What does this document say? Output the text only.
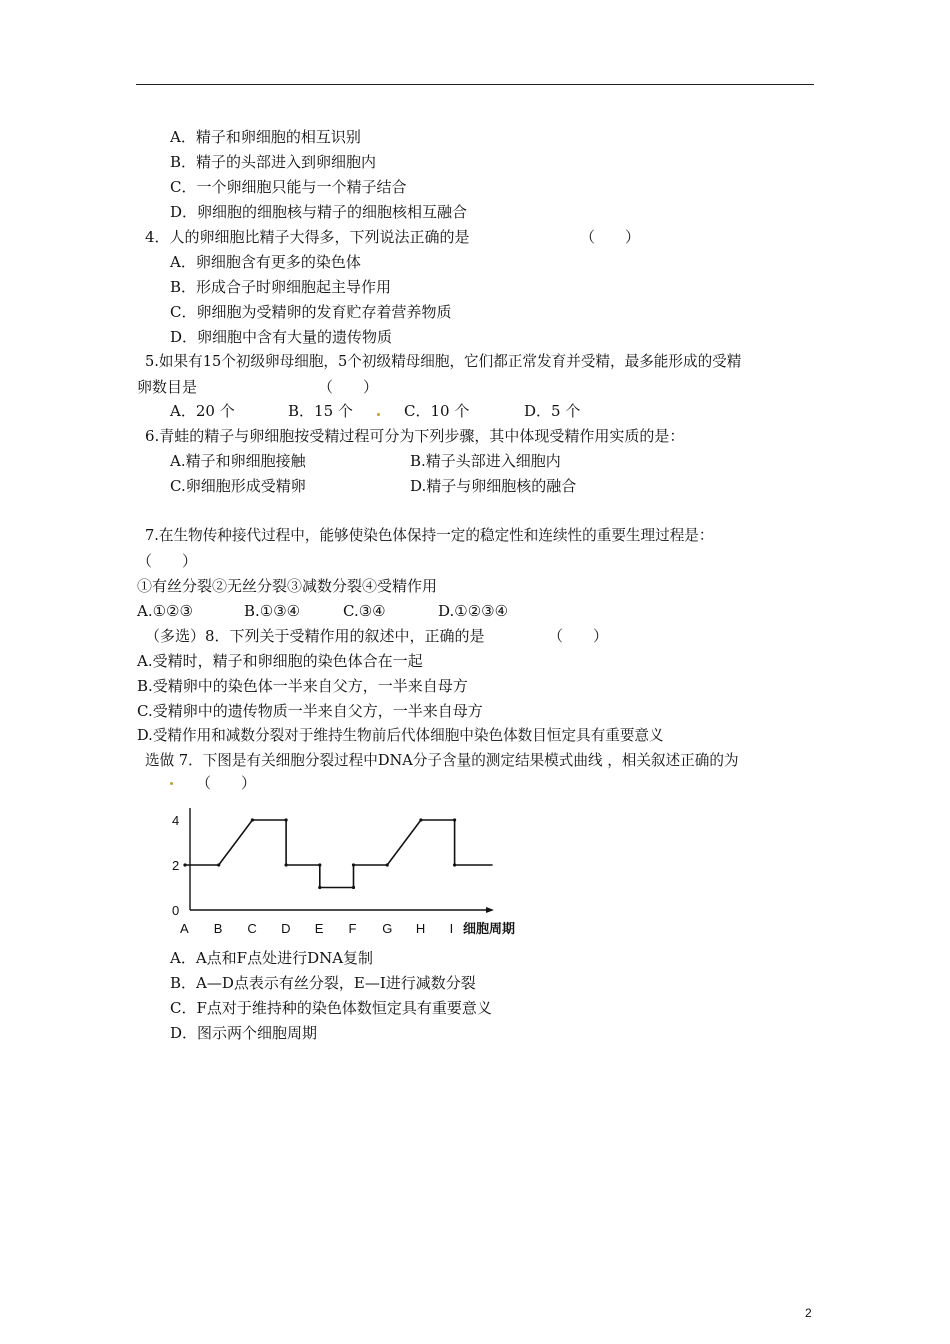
A．精子和卵细胞的相互识别
B．精子的头部进入到卵细胞内
C．一个卵细胞只能与一个精子结合
D．卵细胞的细胞核与精子的细胞核相互融合
4．人的卵细胞比精子大得多，下列说法正确的是	（　　）
A．卵细胞含有更多的染色体
B．形成合子时卵细胞起主导作用
C．卵细胞为受精卵的发育贮存着营养物质
D．卵细胞中含有大量的遗传物质
5.如果有15个初级卵母细胞，5个初级精母细胞，它们都正常发育并受精，最多能形成的受精
卵数目是	（　　）
A．20 个	B．15 个	C．10 个	D．5 个
6.青蛙的精子与卵细胞按受精过程可分为下列步骤，其中体现受精作用实质的是：
A.精子和卵细胞接触	B.精子头部进入细胞内
C.卵细胞形成受精卵	D.精子与卵细胞核的融合
7.在生物传种接代过程中，能够使染色体保持一定的稳定性和连续性的重要生理过程是：
（　　）
①有丝分裂②无丝分裂③减数分裂④受精作用
A.①②③	B.①③④	C.③④	D.①②③④
（多选）8．下列关于受精作用的叙述中，正确的是	（　　）
A.受精时，精子和卵细胞的染色体合在一起
B.受精卵中的染色体一半来自父方，一半来自母方
C.受精卵中的遗传物质一半来自父方，一半来自母方
D.受精作用和减数分裂对于维持生物前后代体细胞中染色体数目恒定具有重要意义
选做 7．下图是有关细胞分裂过程中DNA分子含量的测定结果模式曲线 ，相关叙述正确的为
（　　）
4
2
0
A B C D E F G H I 细胞周期
A．A点和F点处进行DNA复制
B．A—D点表示有丝分裂，E—I进行减数分裂
C．F点对于维持种的染色体数恒定具有重要意义
D．图示两个细胞周期
2
